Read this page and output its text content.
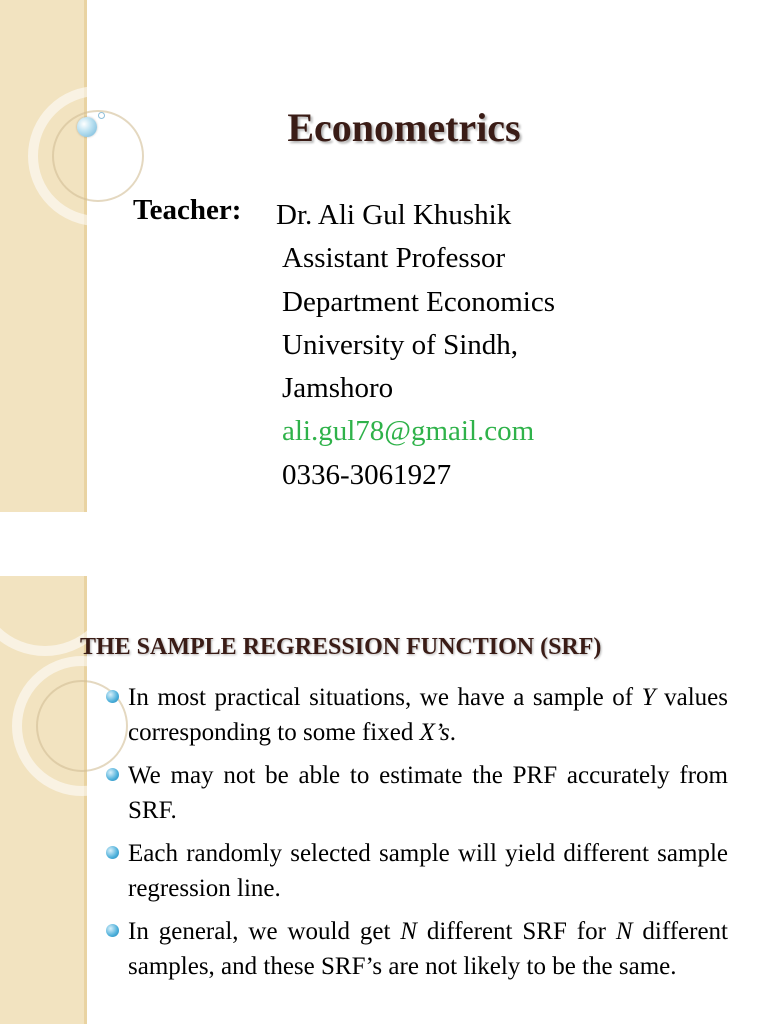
Econometrics
Teacher: Dr. Ali Gul Khushik
Assistant Professor
Department Economics
University of Sindh,
Jamshoro
ali.gul78@gmail.com
0336-3061927
THE SAMPLE REGRESSION FUNCTION (SRF)
In most practical situations, we have a sample of Y values corresponding to some fixed X’s.
We may not be able to estimate the PRF accurately from SRF.
Each randomly selected sample will yield different sample regression line.
In general, we would get N different SRF for N different samples, and these SRF’s are not likely to be the same.
